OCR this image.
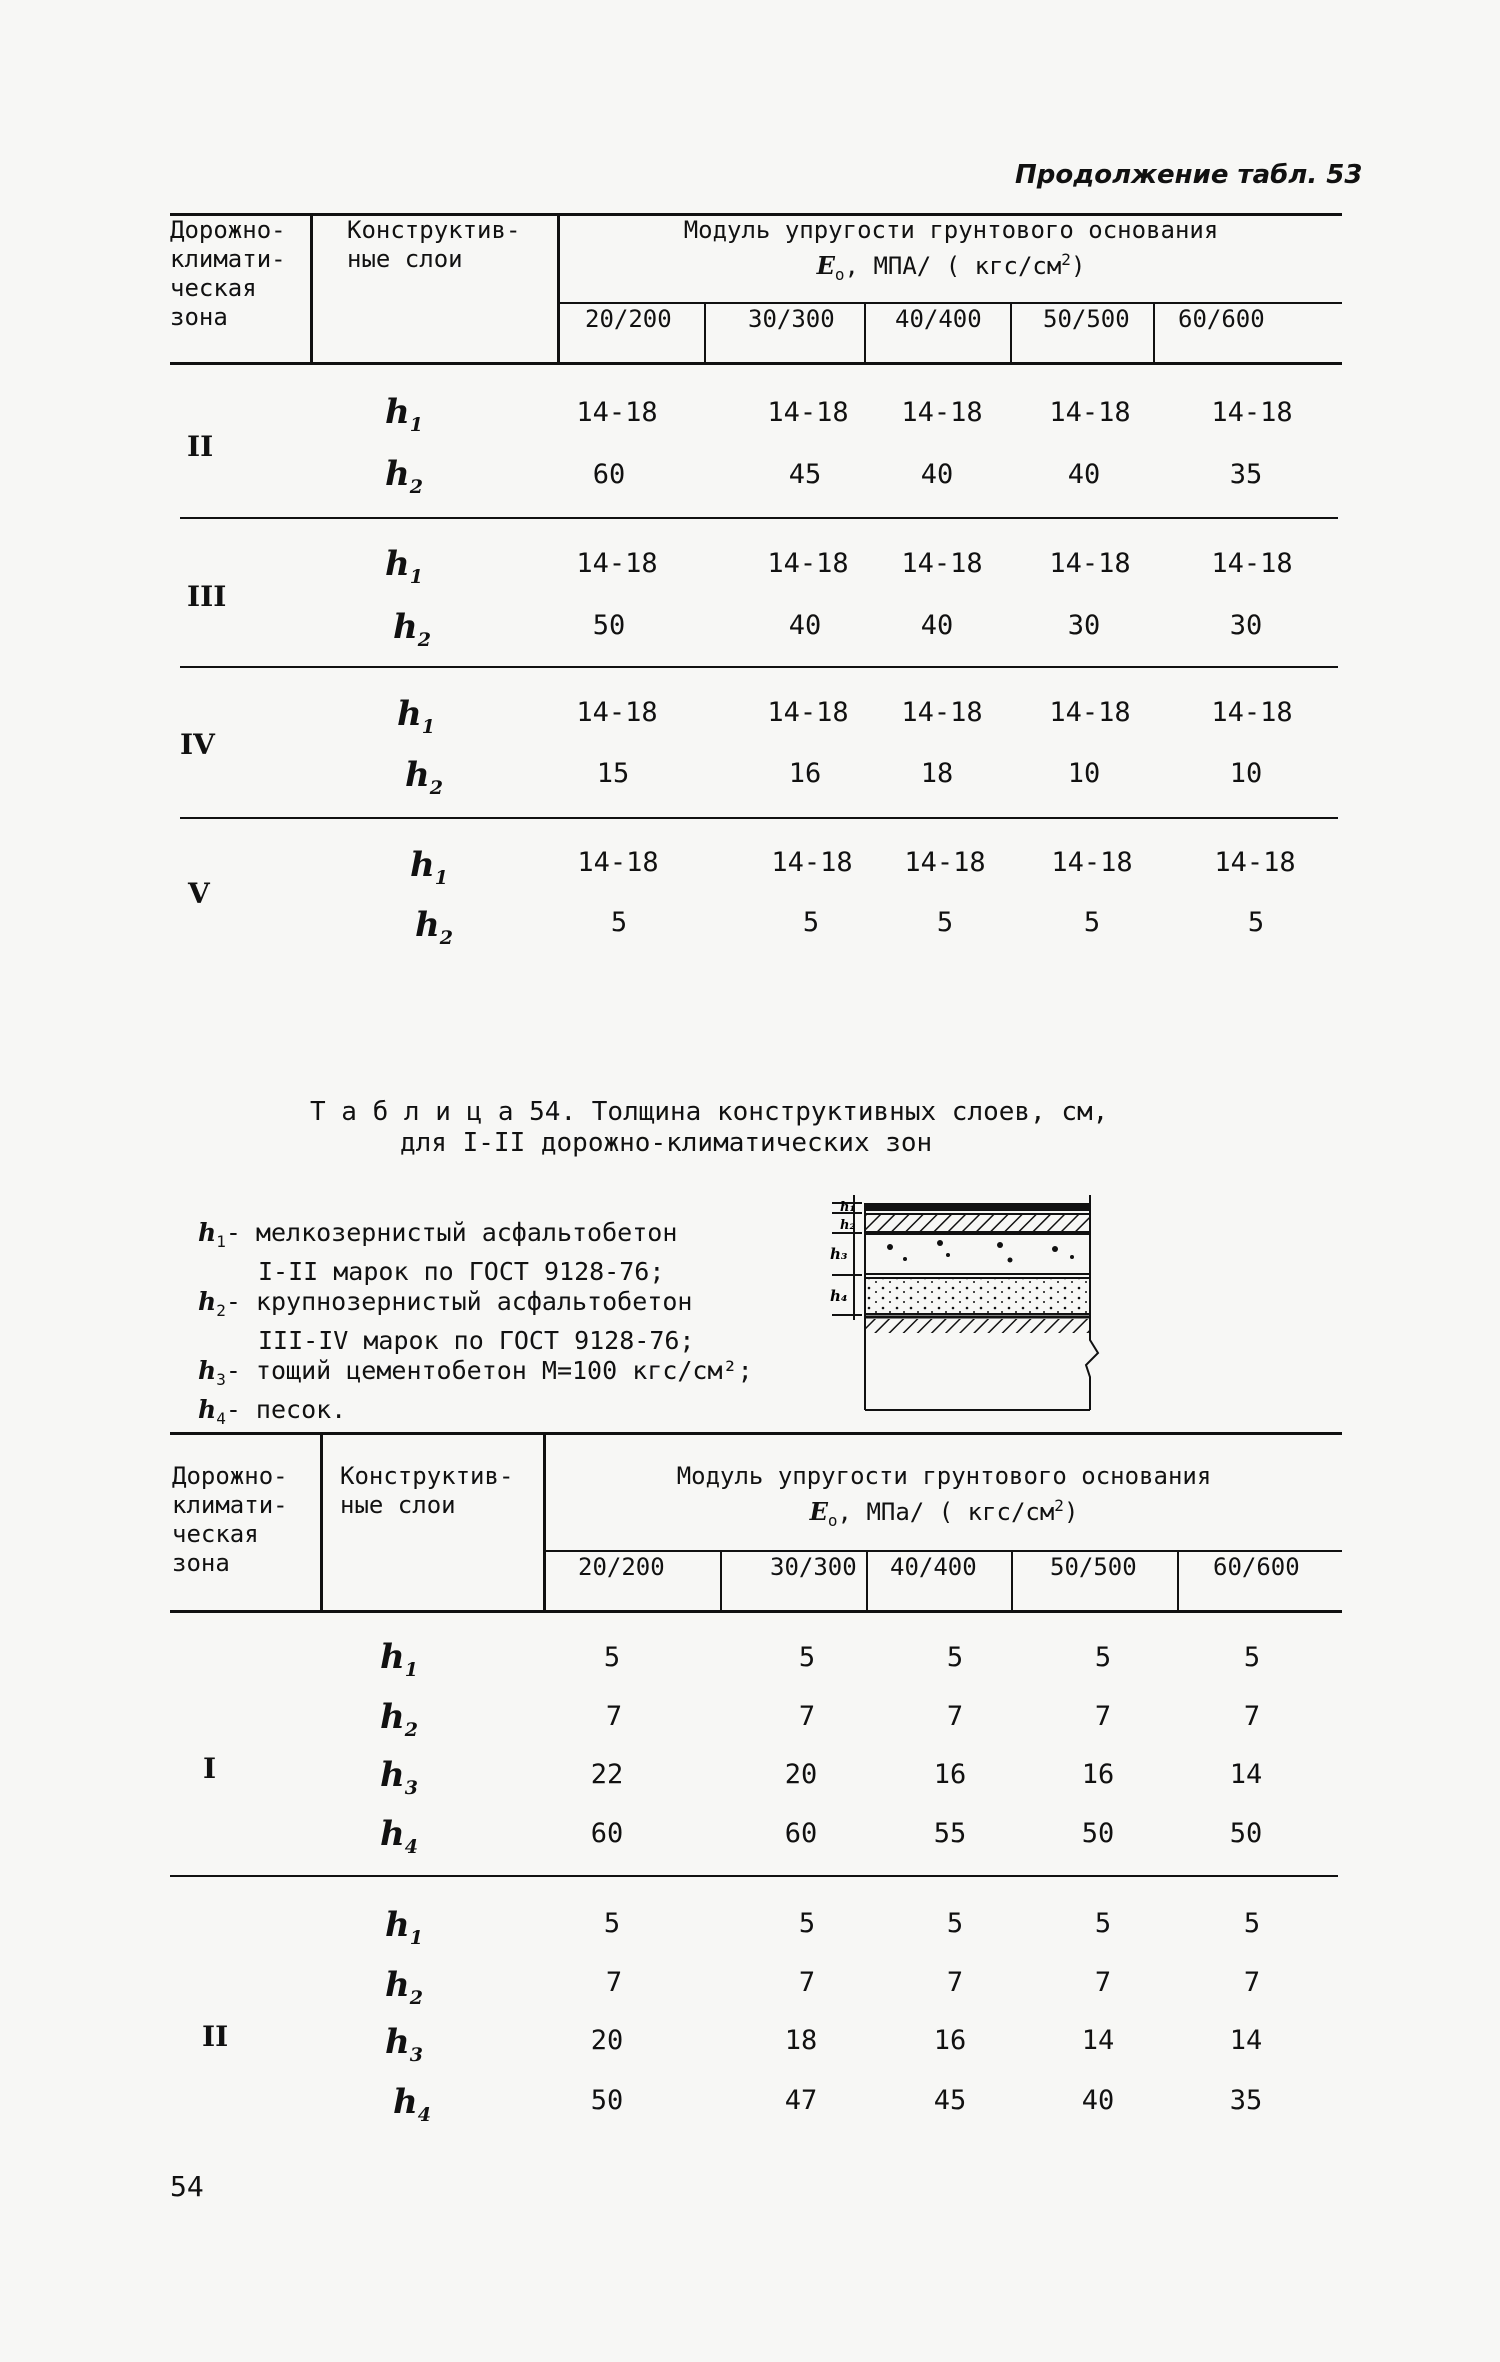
Продолжение табл. 53
Дорожно-
климати-
ческая
зона
Конструктив-
ные слои
Модуль упругости грунтового основания
$E_о$, МПА/ ( кгс/$см^2$)
20/200	30/300	40/400	50/500 60/600
II
$h_1$	14-18	14-18	14-18	14-18	14-18
$h_2$	60	45	40	40	35
III
$h_1$	14-18	14-18	14-18	14-18	14-18
$h_2$	50	40	40	30	30
IV
$h_1$	14-18	14-18	14-18	14-18	14-18
$h_2$	15	16	18	10	10
V
$h_1$	14-18	14-18	14-18	14-18	14-18
$h_2$	5	5	5	5	5
Т а б л и ц а 54. Толщина конструктивных слоев, см,
для I-II дорожно-климатических зон
$h_1-$ мелкозернистый асфальтобетон
I-II марок по ГОСТ 9128-76;
$h_2-$ крупнозернистый асфальтобетон
III-IV марок по ГОСТ 9128-76;
$h_3-$ тощий цементобетон М=100 кгс/см²;
$h_4-$ песок.
h₁
h₂
h₃
h₄
Дорожно-
климати-
ческая
зона
Конструктив-
ные слои
Модуль упругости грунтового основания
$E_о$, МПа/ ( кгс/$см^2$)
20/200	30/300 40/400	50/500	60/600
I
$h_1$	5	5	5	5	5
$h_2$	7	7	7	7	7
$h_3$	22	20	16	16	14
$h_4$	60	60	55	50	50
II
$h_1$	5	5	5	5	5
$h_2$	7	7	7	7	7
$h_3$	20	18	16	14	14
$h_4$	50	47	45	40	35
54
